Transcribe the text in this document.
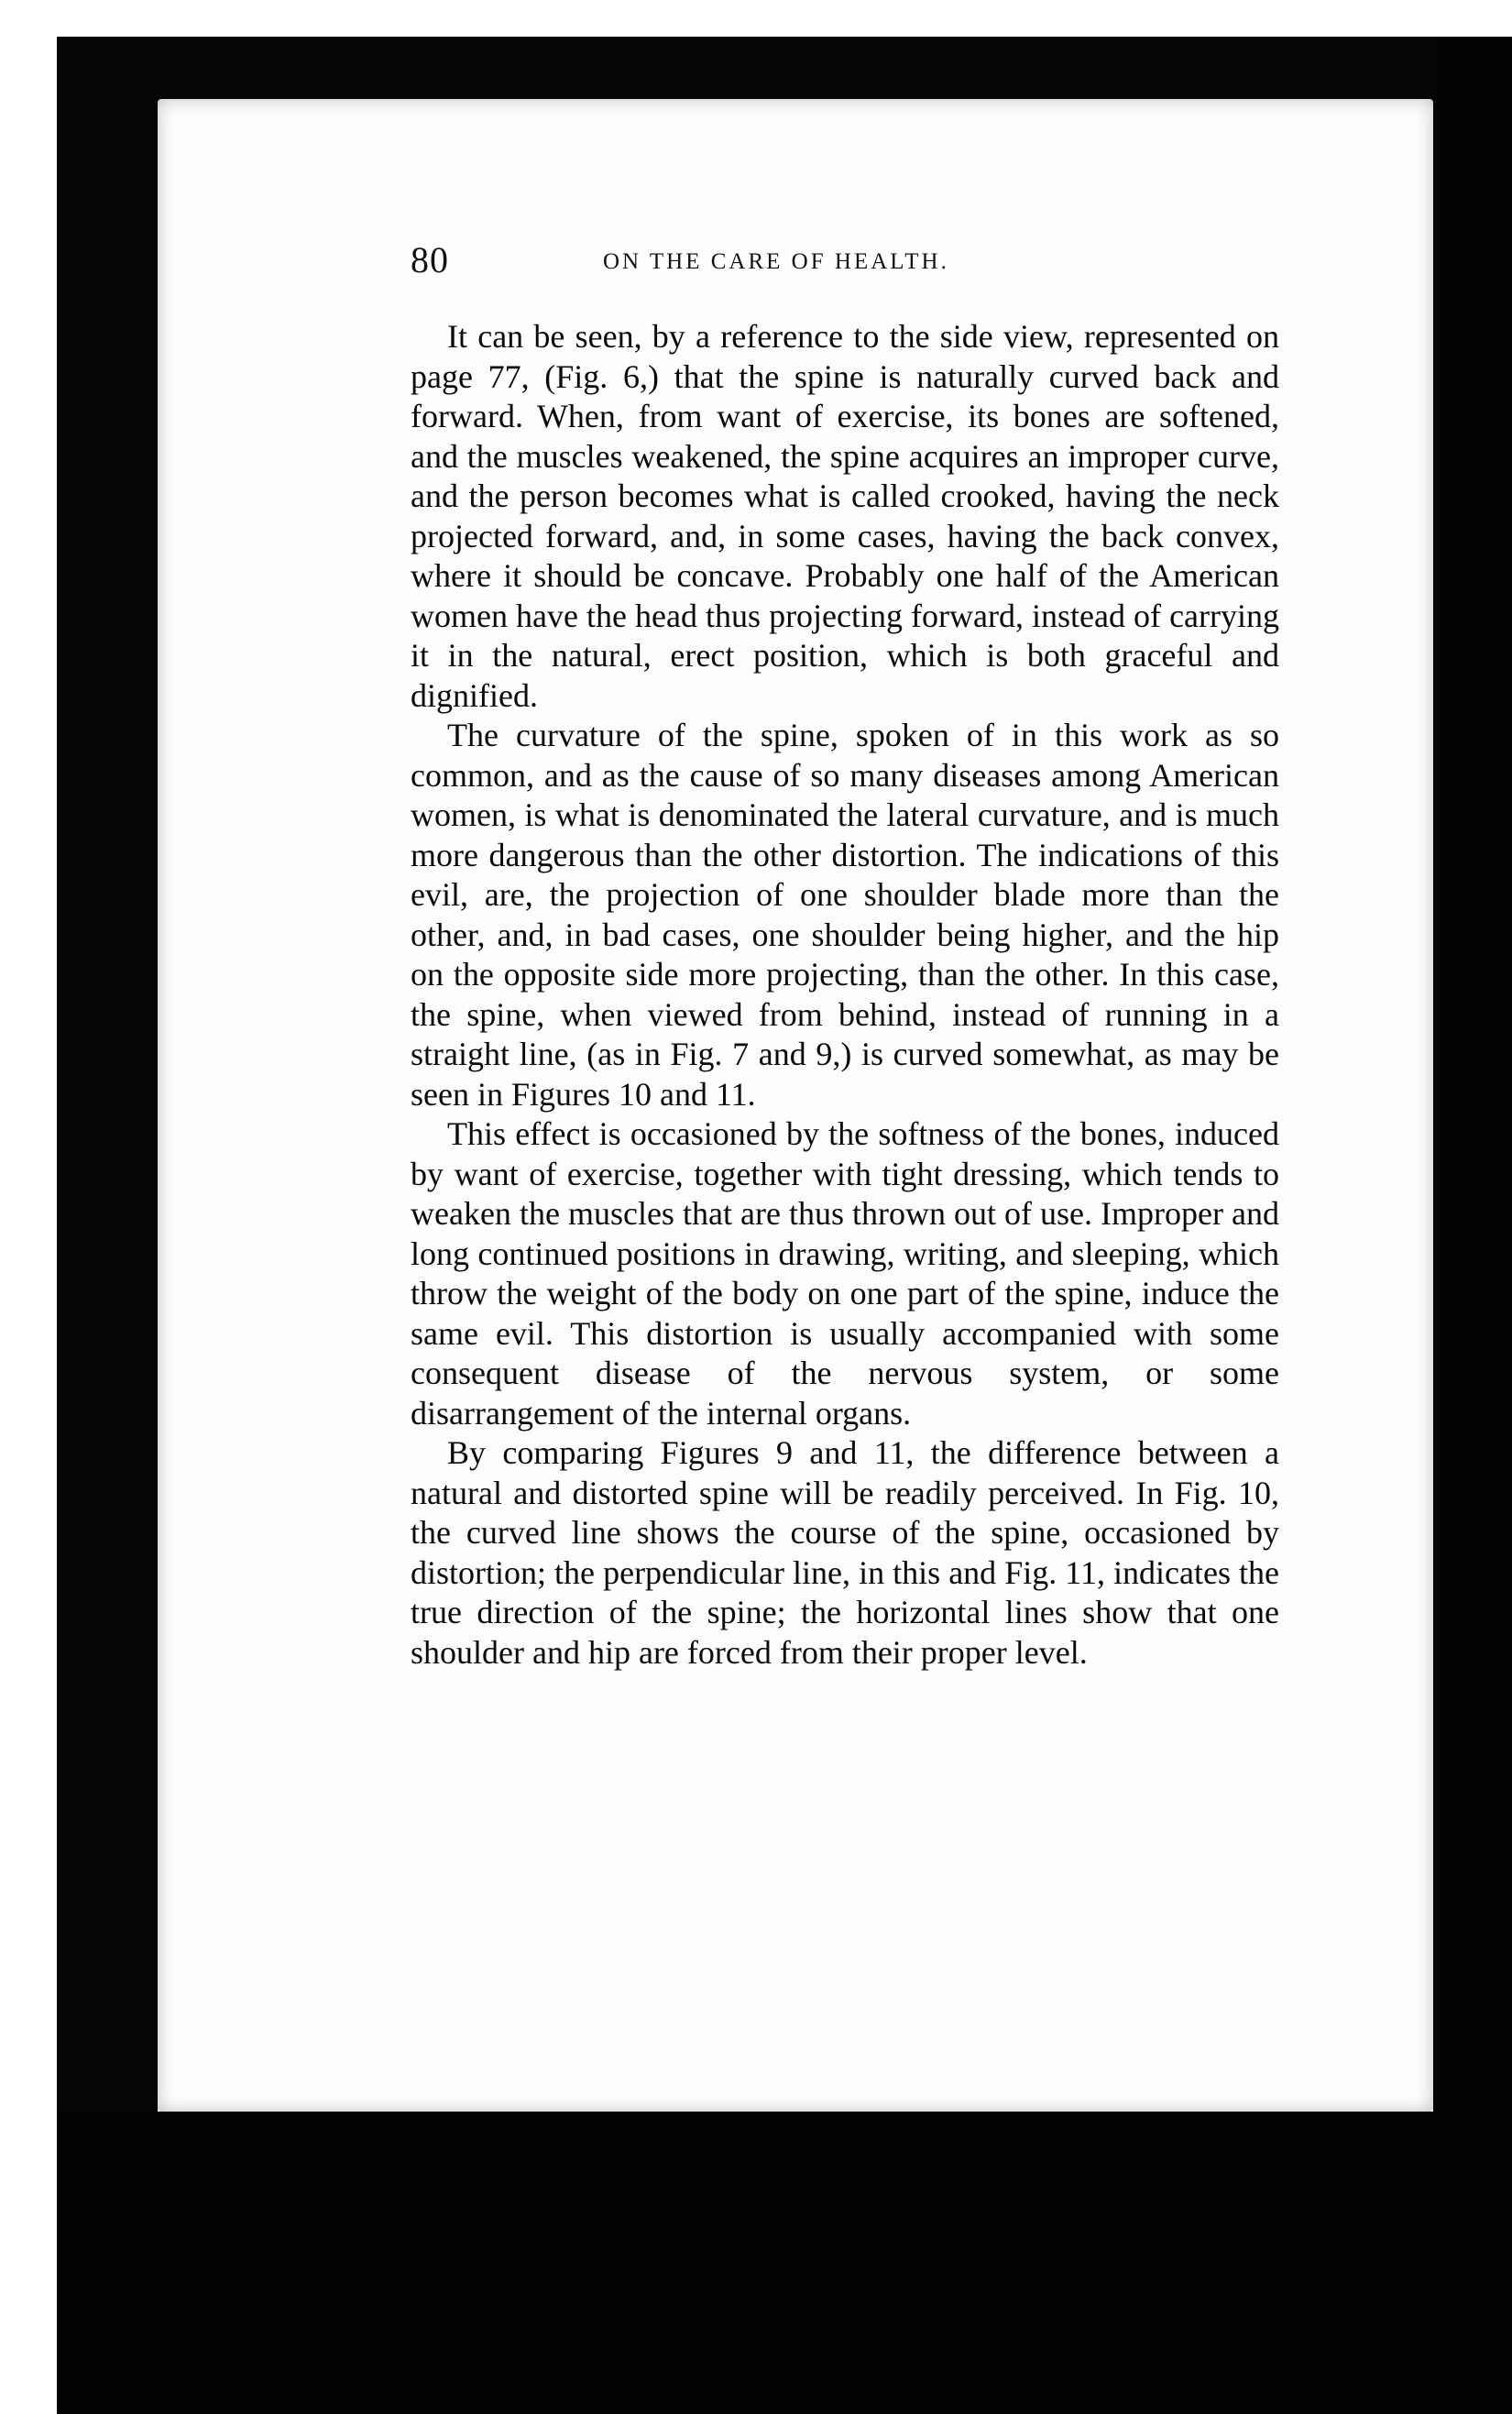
80	ON THE CARE OF HEALTH.

It can be seen, by a reference to the side view, represented on page 77, (Fig. 6,) that the spine is naturally curved back and forward. When, from want of exercise, its bones are softened, and the muscles weakened, the spine acquires an improper curve, and the person becomes what is called crooked, having the neck projected forward, and, in some cases, having the back convex, where it should be concave. Probably one half of the American women have the head thus projecting forward, instead of carrying it in the natural, erect position, which is both graceful and dignified.

The curvature of the spine, spoken of in this work as so common, and as the cause of so many diseases among American women, is what is denominated the lateral curvature, and is much more dangerous than the other distortion. The indications of this evil, are, the projection of one shoulder blade more than the other, and, in bad cases, one shoulder being higher, and the hip on the opposite side more projecting, than the other. In this case, the spine, when viewed from behind, instead of running in a straight line, (as in Fig. 7 and 9,) is curved somewhat, as may be seen in Figures 10 and 11.

This effect is occasioned by the softness of the bones, induced by want of exercise, together with tight dressing, which tends to weaken the muscles that are thus thrown out of use. Improper and long continued positions in drawing, writing, and sleeping, which throw the weight of the body on one part of the spine, induce the same evil. This distortion is usually accompanied with some consequent disease of the nervous system, or some disarrangement of the internal organs.

By comparing Figures 9 and 11, the difference between a natural and distorted spine will be readily perceived. In Fig. 10, the curved line shows the course of the spine, occasioned by distortion; the perpendicular line, in this and Fig. 11, indicates the true direction of the spine; the horizontal lines show that one shoulder and hip are forced from their proper level.
